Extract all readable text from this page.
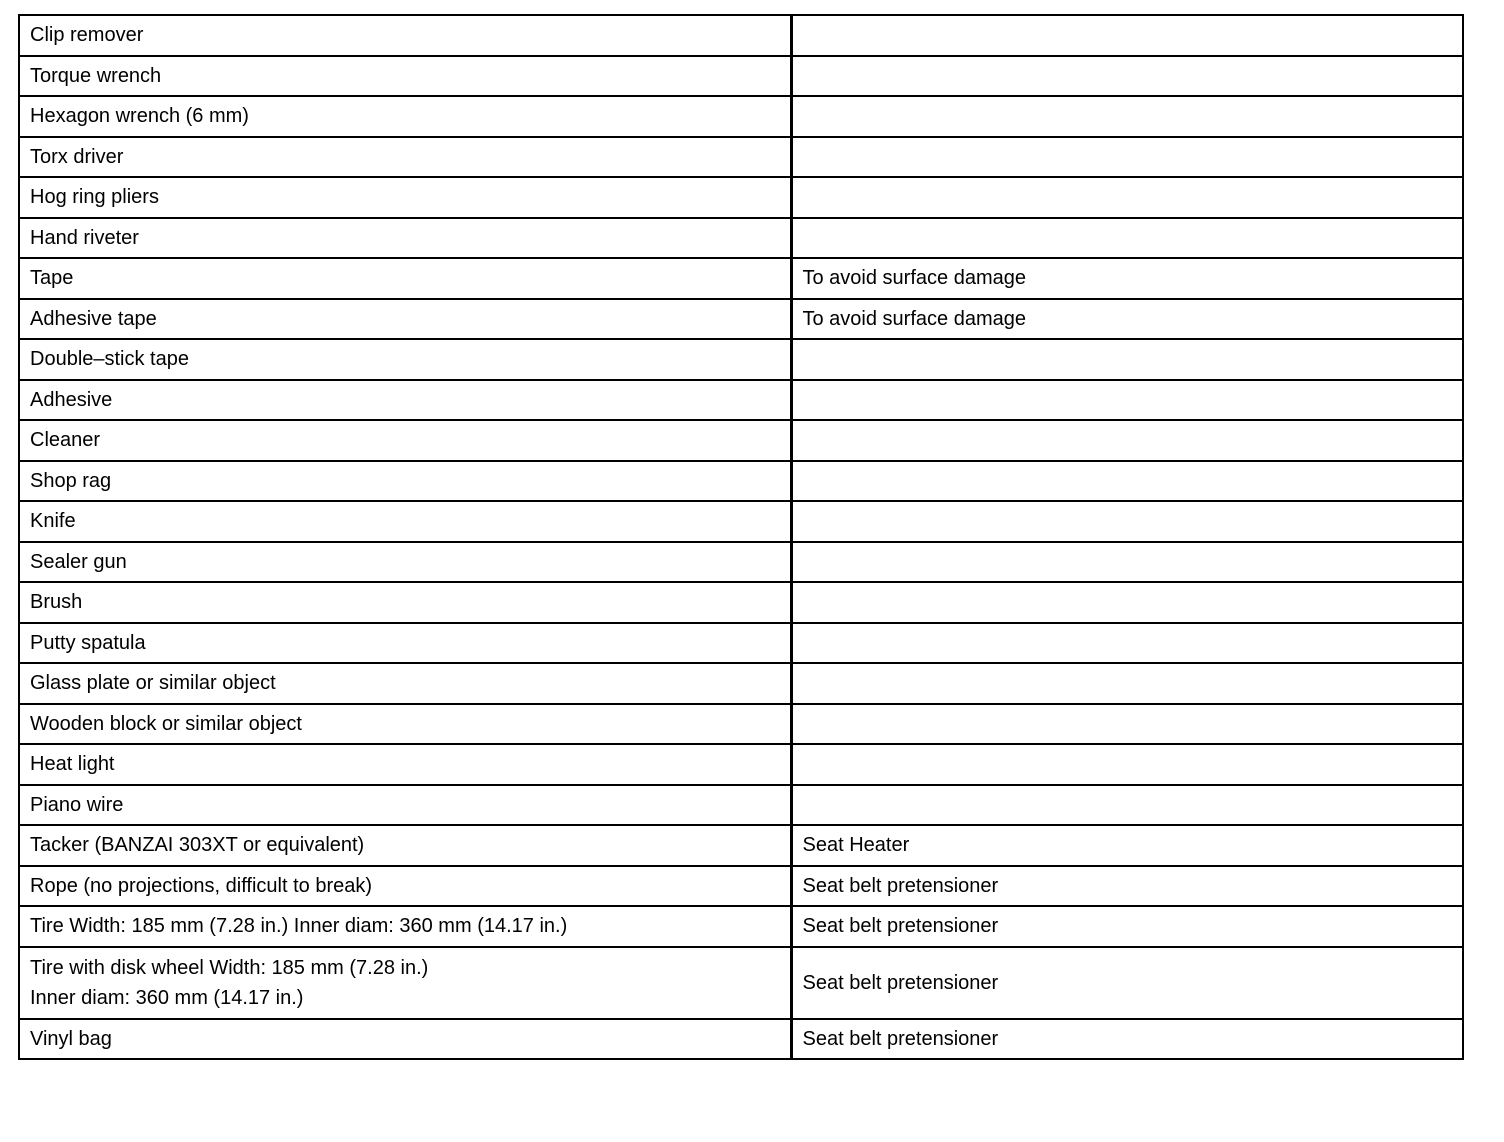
Clip remover	

Torque wrench	

Hexagon wrench (6 mm)	

Torx driver	

Hog ring pliers	

Hand riveter	

Tape	To avoid surface damage

Adhesive tape	To avoid surface damage

Double–stick tape	

Adhesive	

Cleaner	

Shop rag	

Knife	

Sealer gun	

Brush	

Putty spatula	

Glass plate or similar object	

Wooden block or similar object	

Heat light	

Piano wire	

Tacker (BANZAI 303XT or equivalent)	Seat Heater

Rope (no projections, difficult to break)	Seat belt pretensioner

Tire Width: 185 mm (7.28 in.) Inner diam: 360 mm (14.17 in.)	Seat belt pretensioner

Tire with disk wheel Width: 185 mm (7.28 in.)
Inner diam: 360 mm (14.17 in.)	Seat belt pretensioner

Vinyl bag	Seat belt pretensioner
